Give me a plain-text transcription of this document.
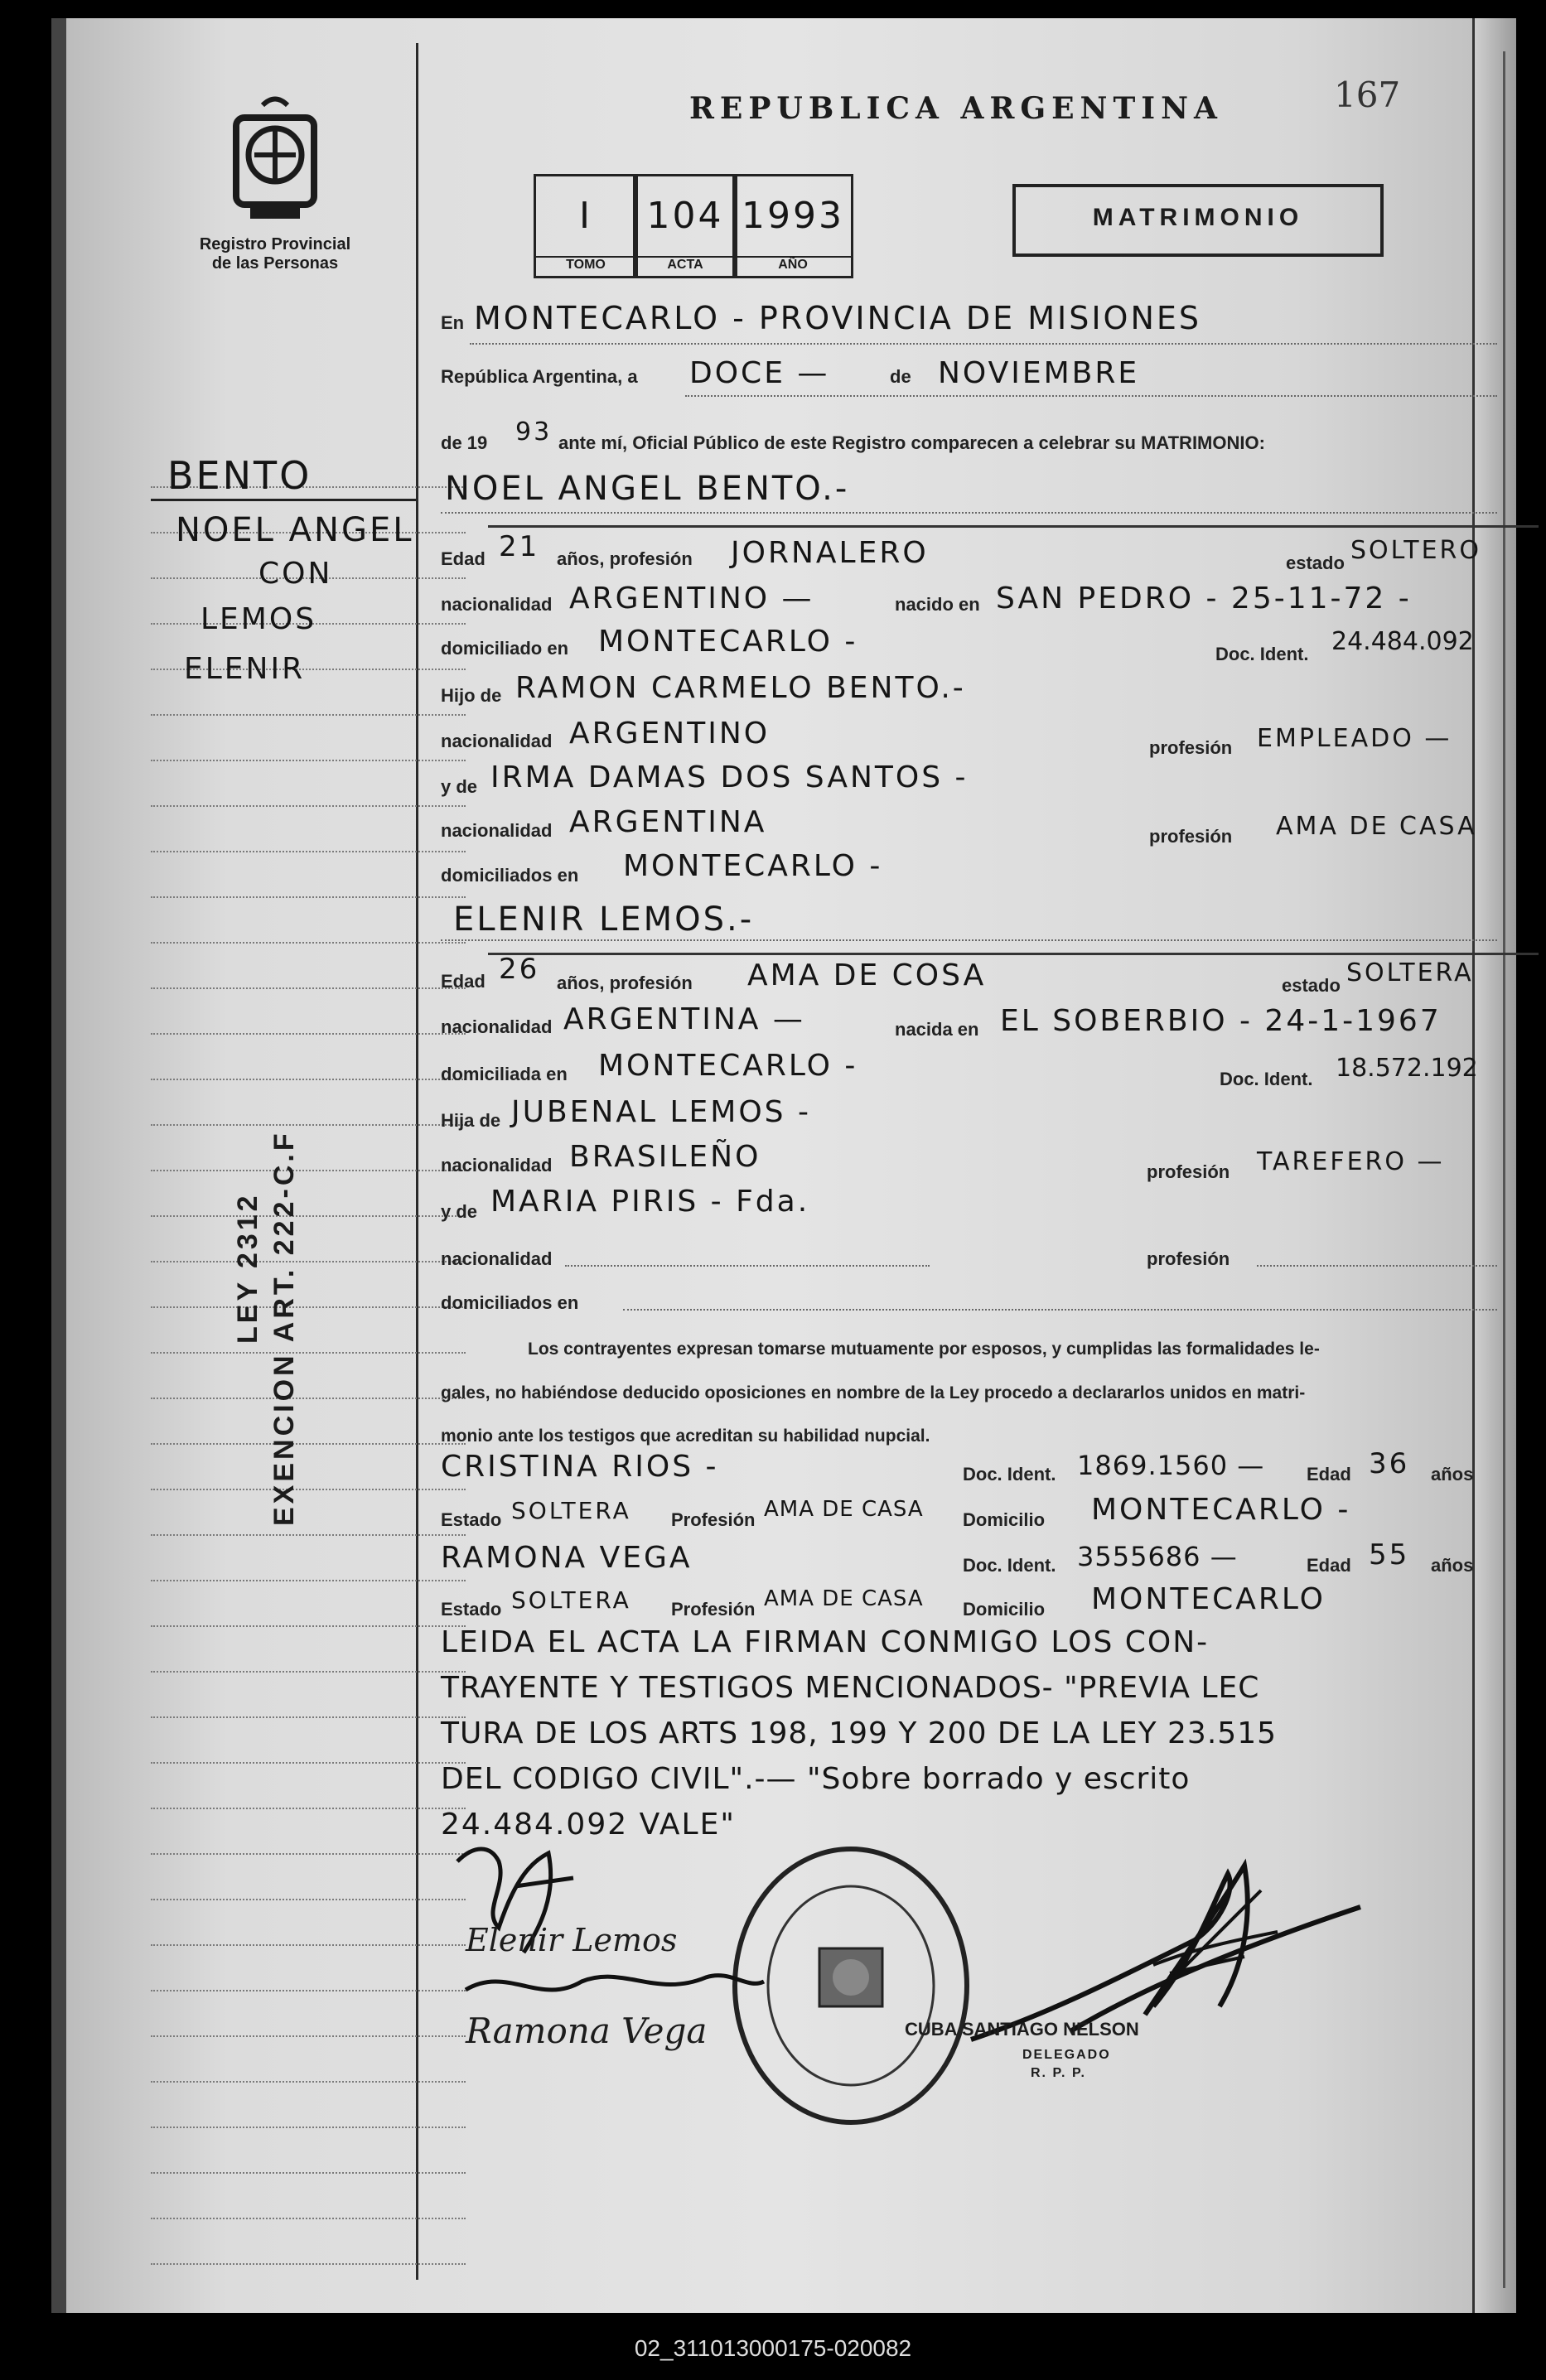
Registro Provincial
de las Personas
REPUBLICA ARGENTINA	167
I
TOMO
104
ACTA
1993
AÑO
MATRIMONIO
BENTO
NOEL ANGEL
CON
LEMOS
ELENIR
LEY 2312 EXENCION ART. 222-C.F
En MONTECARLO - PROVINCIA DE MISIONES
República Argentina, a DOCE —	de NOVIEMBRE
de 19 93 ante mí, Oficial Público de este Registro comparecen a celebrar su MATRIMONIO:
NOEL ANGEL BENTO.-
Edad 21 años, profesión JORNALERO	estado SOLTERO
nacionalidad ARGENTINO —	nacido en SAN PEDRO - 25-11-72 -
domiciliado en MONTECARLO -	Doc. Ident. 24.484.092
Hijo de RAMON CARMELO BENTO.-
nacionalidad ARGENTINO	profesión EMPLEADO —
y de IRMA DAMAS DOS SANTOS -
nacionalidad ARGENTINA	profesión AMA DE CASA
domiciliados en MONTECARLO -
ELENIR LEMOS.-
Edad 26 años, profesión AMA DE COSA	estado SOLTERA
nacionalidad ARGENTINA —	nacida en EL SOBERBIO - 24-1-1967
domiciliada en MONTECARLO -	Doc. Ident. 18.572.192
Hija de JUBENAL LEMOS -
nacionalidad BRASILEÑO	profesión TAREFERO —
y de MARIA PIRIS - Fda.
nacionalidad	profesión
domiciliados en
Los contrayentes expresan tomarse mutuamente por esposos, y cumplidas las formalidades le-
gales, no habiéndose deducido oposiciones en nombre de la Ley procedo a declararlos unidos en matri-
monio ante los testigos que acreditan su habilidad nupcial.
CRISTINA RIOS -	Doc. Ident. 1869.1560 — Edad 36 años
Estado SOLTERA Profesión AMA DE CASA Domicilio MONTECARLO -
RAMONA VEGA	Doc. Ident. 3555686 —	Edad 55 años
Estado SOLTERA Profesión AMA DE CASA Domicilio MONTECARLO
LEIDA EL ACTA LA FIRMAN CONMIGO LOS CON-
TRAYENTE Y TESTIGOS MENCIONADOS- "PREVIA LEC
TURA DE LOS ARTS 198, 199 Y 200 DE LA LEY 23.515
DEL CODIGO CIVIL".-— "Sobre borrado y escrito
24.484.092 VALE"
CUBA SANTIAGO NELSON
DELEGADO
R. P. P.
Elenir Lemos
Ramona Vega
02_311013000175-020082
